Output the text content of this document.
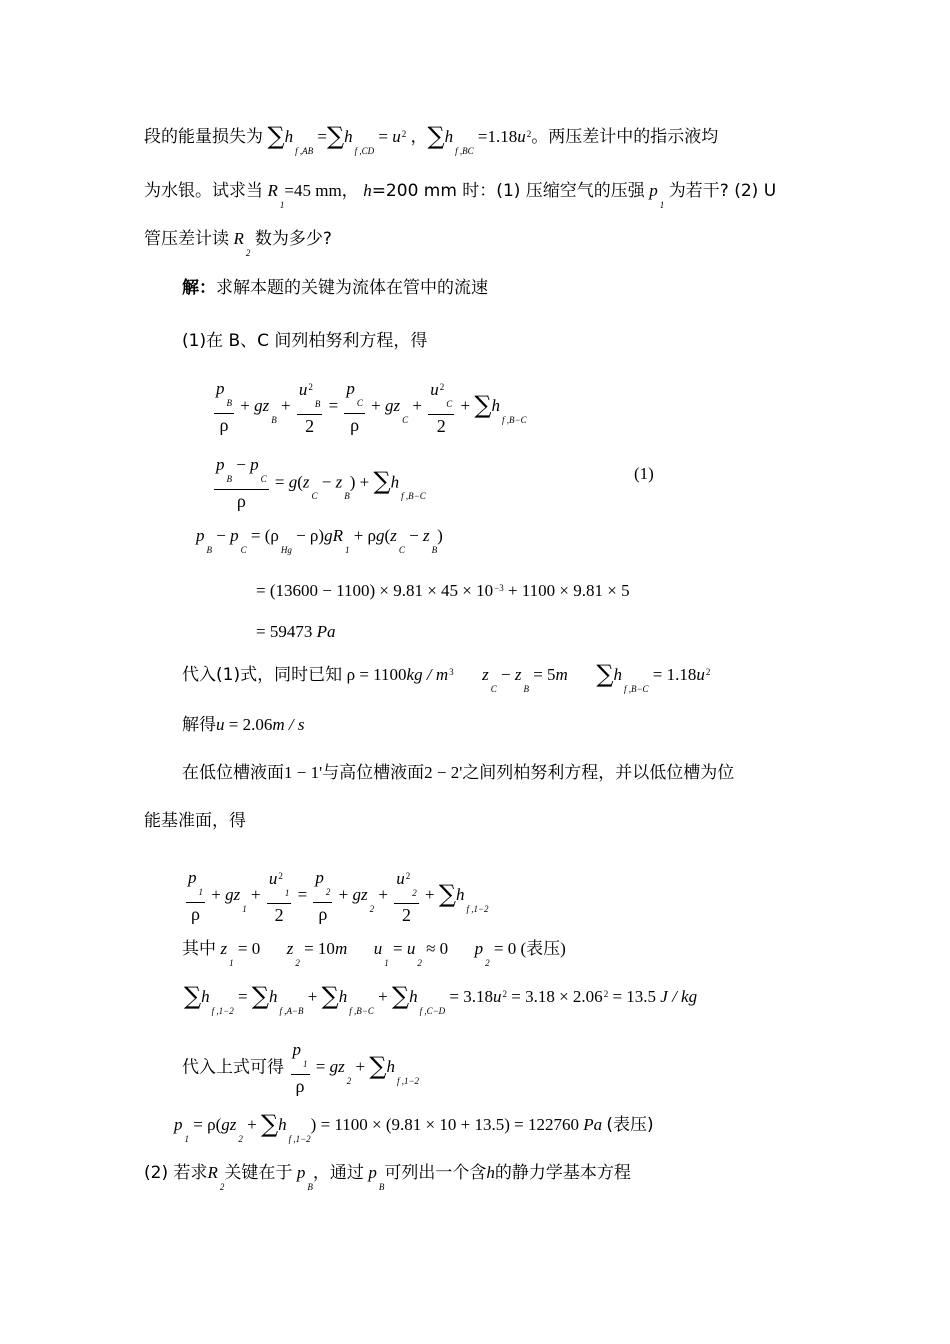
段的能量损失为 $\sum h_{f ,AB} =\sum h_{f ,CD} = u^2$ ，$\sum h_{f ,BC} =1.18u^2$。两压差计中的指示液均
为水银。试求当 $R_1=45$ mm， h=200 mm 时：(1) 压缩空气的压强 $p_1$ 为若干? (2) U
管压差计读 $R_2$ 数为多少?
解：求解本题的关键为流体在管中的流速
(1)在 B、C 间列柏努利方程，得
$\frac{p_B}{\rho} + gz_B + \frac{u^2_B}{2} = \frac{p_C}{\rho} + gz_C + \frac{u^2_C}{2} + \sum h_{f ,B-C}$
$\frac{p_B - p_C}{\rho} = g(z_C - z_B) + \sum h_{f ,B-C}$
(1)
$p_B - p_C = (\rho_{Hg} - \rho)gR_1 + \rho g(z_C - z_B)$
= $(13600 - 1100) \times 9.81 \times 45 \times 10^{-3} + 1100 \times 9.81 \times 5$
= 59473 Pa
代入(1)式，同时已知 $\rho = 1100kg / m^3$ $z_C - z_B = 5m$ $\sum h_{f ,B-C} = 1.18u^2$
解得u = 2.06m / s
在低位槽液面1 − 1'与高位槽液面2 − 2'之间列柏努利方程，并以低位槽为位
能基准面，得
$\frac{p_1}{\rho} + gz_1 + \frac{u^2_1}{2} = \frac{p_2}{\rho} + gz_2 + \frac{u^2_2}{2} + \sum h_{f ,1-2}$
其中 $z_1 = 0$ $z_2 = 10m$ $u_1 = u_2 \approx 0$ $p_2 = 0$ (表压)
$\sum h_{f ,1-2} = \sum h_{f ,A-B} + \sum h_{f ,B-C} + \sum h_{f ,C-D} = 3.18u^2 = 3.18 \times 2.06^2 = 13.5$ J / kg
代入上式可得 $\frac{p_1}{\rho} = gz_2 + \sum h_{f ,1-2}$
$p_1 = \rho(gz_2 + \sum h_{f ,1-2}) = 1100 \times (9.81 \times 10 + 13.5) = 122760$ Pa (表压)
(2) 若求$R_2$关键在于 $p_B$，通过 $p_B$可列出一个含h的静力学基本方程
